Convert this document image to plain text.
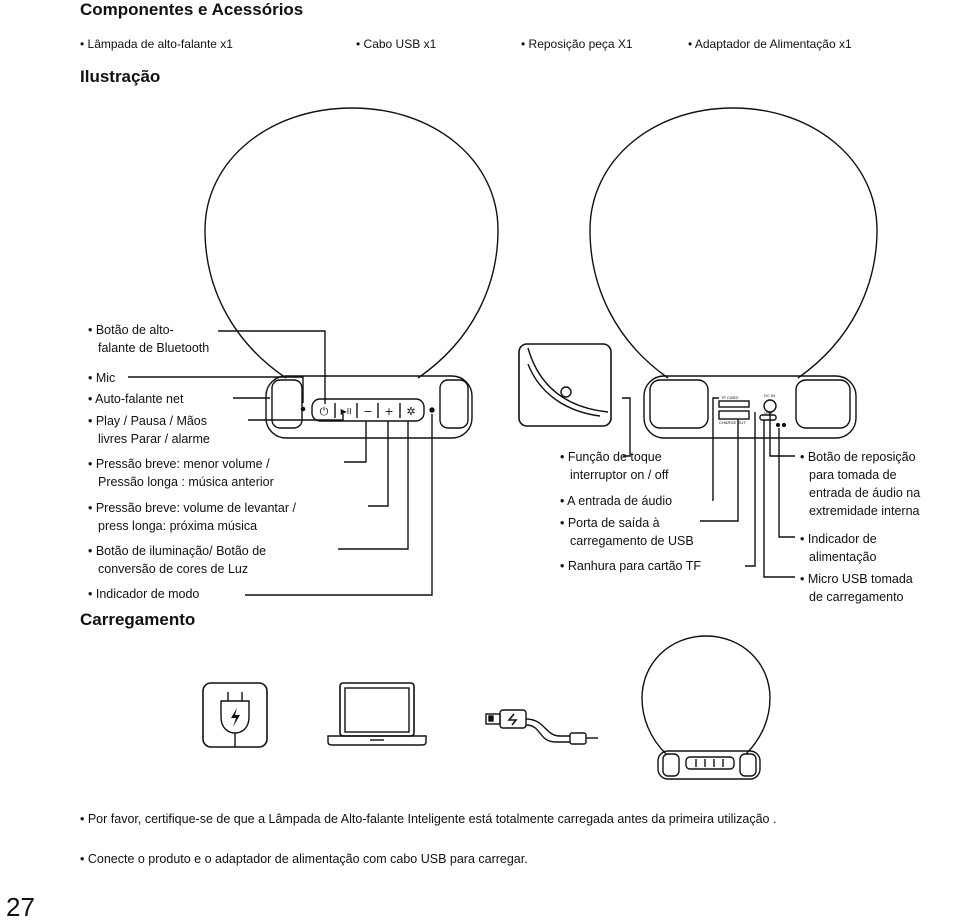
Componentes e Acessórios
Ilustração
Carregamento
• Lâmpada de alto-falante x1	• Cabo USB x1	• Reposição peça X1	• Adaptador de Alimentação x1
• Botão de alto-
falante de Bluetooth
• Mic
• Auto-falante net
• Play / Pausa / Mãos
livres Parar / alarme
• Pressão breve: menor volume /
Pressão longa : música anterior
• Pressão breve: volume de levantar /
press longa: próxima música
• Botão de iluminação/ Botão de
conversão de cores de Luz
• Indicador de modo
• Função de toque
interruptor on / off
• A entrada de áudio
• Porta de saída à
carregamento de USB
• Ranhura para cartão TF
• Botão de reposição
para tomada de
entrada de áudio na
extremidade interna
• Indicador de
alimentação
• Micro USB tomada
de carregamento
⏻ ▶II − + ✲
TF CARD
CHARGE OUT
DC IN
USB
• Por favor, certifique-se de que a Lâmpada de Alto-falante Inteligente está totalmente carregada antes da primeira utilização .
• Conecte o produto e o adaptador de alimentação com cabo USB para carregar.
27
